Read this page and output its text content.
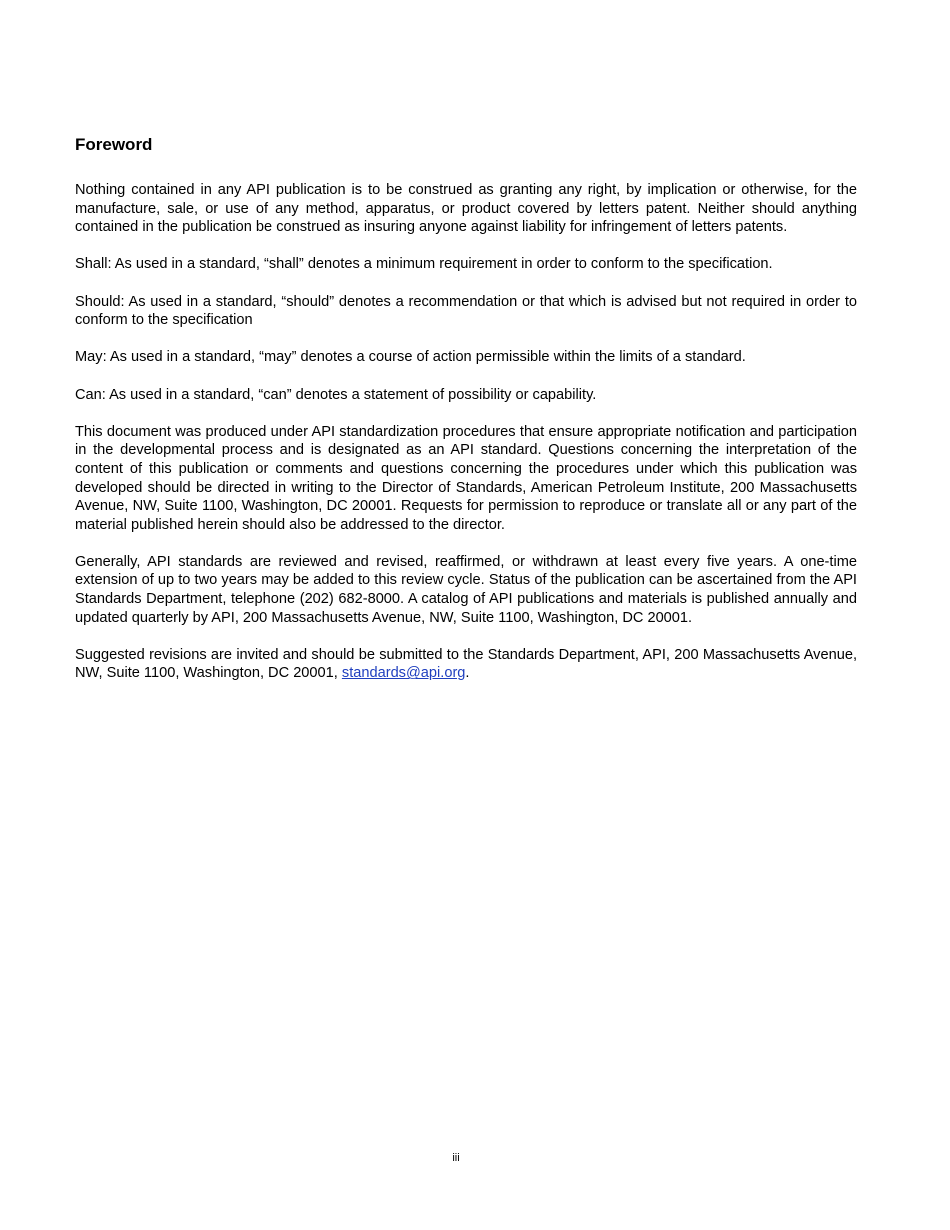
Foreword

Nothing contained in any API publication is to be construed as granting any right, by implication or otherwise, for the manufacture, sale, or use of any method, apparatus, or product covered by letters patent. Neither should anything contained in the publication be construed as insuring anyone against liability for infringement of letters patents.

Shall: As used in a standard, “shall” denotes a minimum requirement in order to conform to the specification.

Should: As used in a standard, “should” denotes a recommendation or that which is advised but not required in order to conform to the specification

May: As used in a standard, “may” denotes a course of action permissible within the limits of a standard.

Can: As used in a standard, “can” denotes a statement of possibility or capability.

This document was produced under API standardization procedures that ensure appropriate notification and participation in the developmental process and is designated as an API standard. Questions concerning the interpretation of the content of this publication or comments and questions concerning the procedures under which this publication was developed should be directed in writing to the Director of Standards, American Petroleum Institute, 200 Massachusetts Avenue, NW, Suite 1100, Washington, DC 20001. Requests for permission to reproduce or translate all or any part of the material published herein should also be addressed to the director.

Generally, API standards are reviewed and revised, reaffirmed, or withdrawn at least every five years. A one-time extension of up to two years may be added to this review cycle. Status of the publication can be ascertained from the API Standards Department, telephone (202) 682-8000. A catalog of API publications and materials is published annually and updated quarterly by API, 200 Massachusetts Avenue, NW, Suite 1100, Washington, DC 20001.

Suggested revisions are invited and should be submitted to the Standards Department, API, 200 Massachusetts Avenue, NW, Suite 1100, Washington, DC 20001, standards@api.org.

iii
